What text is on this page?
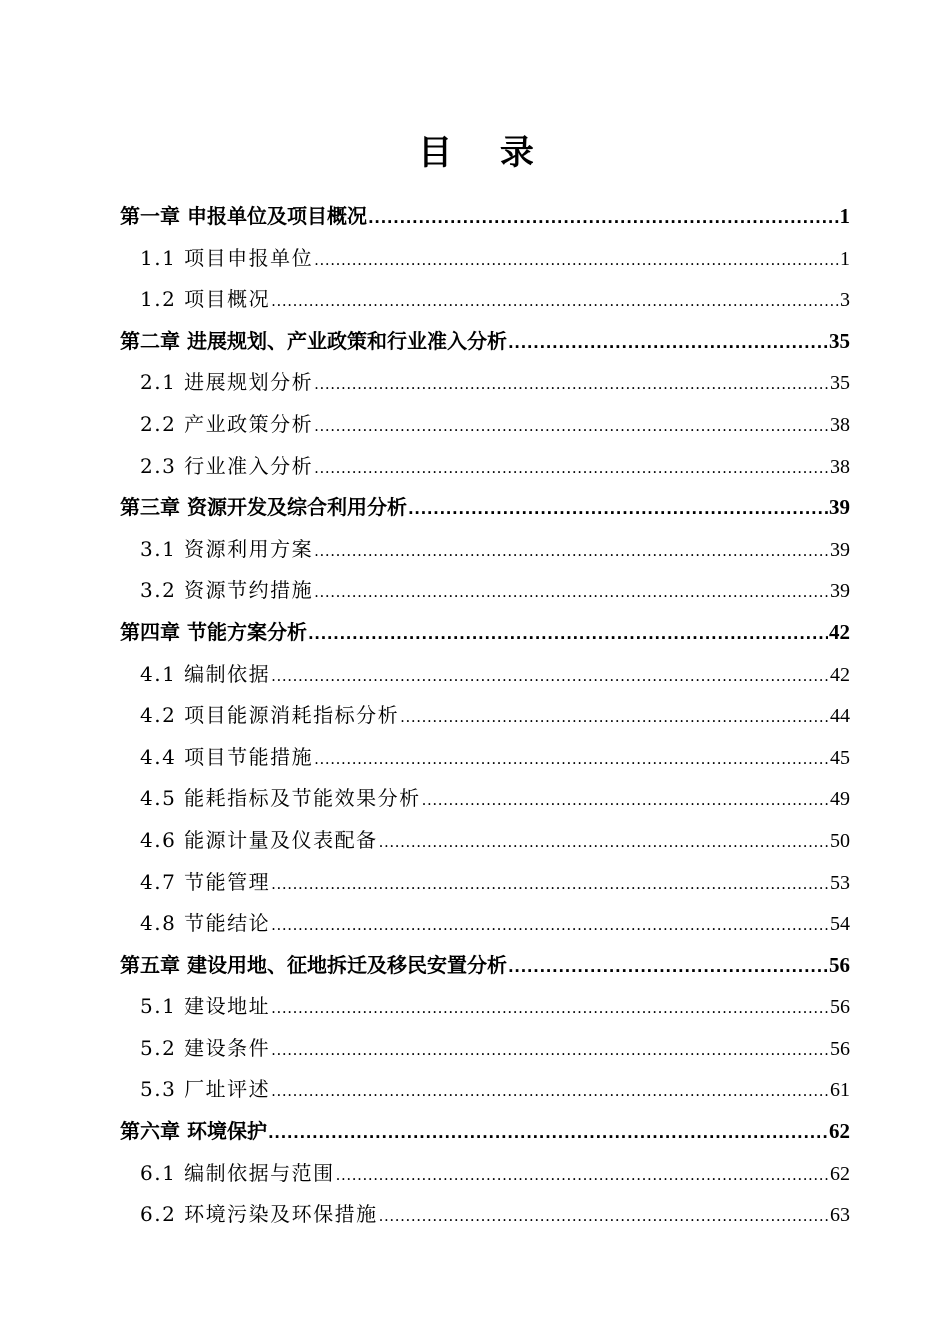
目 录
第一章 申报单位及项目概况 .....	1
1.1 项目申报单位 .....	1
1.2 项目概况 .....	3
第二章 进展规划、产业政策和行业准入分析 .....	35
2.1 进展规划分析 .....	35
2.2 产业政策分析 .....	38
2.3 行业准入分析 .....	38
第三章 资源开发及综合利用分析 .....	39
3.1 资源利用方案 .....	39
3.2 资源节约措施 .....	39
第四章 节能方案分析 .....	42
4.1 编制依据 .....	42
4.2 项目能源消耗指标分析 .....	44
4.4 项目节能措施 .....	45
4.5 能耗指标及节能效果分析 .....	49
4.6 能源计量及仪表配备 .....	50
4.7 节能管理 .....	53
4.8 节能结论 .....	54
第五章 建设用地、征地拆迁及移民安置分析 .....	56
5.1 建设地址 .....	56
5.2 建设条件 .....	56
5.3 厂址评述 .....	61
第六章 环境保护 .....	62
6.1 编制依据与范围 .....	62
6.2 环境污染及环保措施 .....	63
